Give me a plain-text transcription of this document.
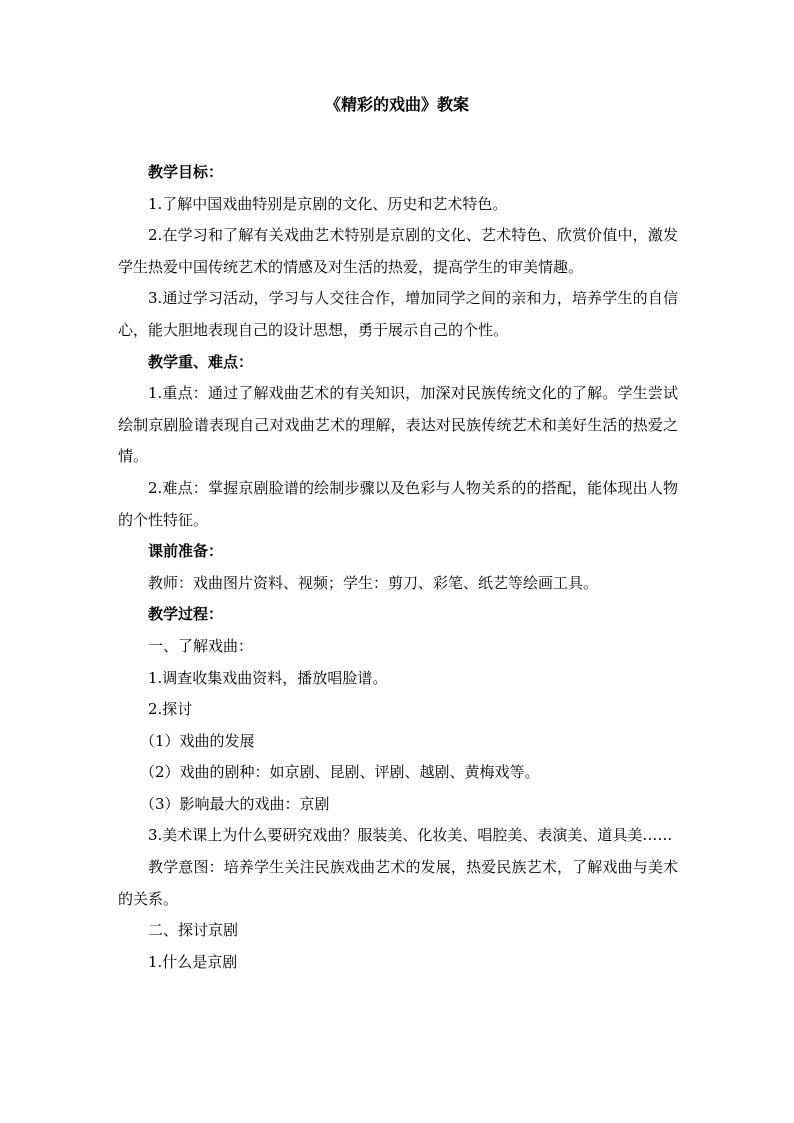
《精彩的戏曲》教案

教学目标：

1.了解中国戏曲特别是京剧的文化、历史和艺术特色。

2.在学习和了解有关戏曲艺术特别是京剧的文化、艺术特色、欣赏价值中，激发学生热爱中国传统艺术的情感及对生活的热爱，提高学生的审美情趣。

3.通过学习活动，学习与人交往合作，增加同学之间的亲和力，培养学生的自信心，能大胆地表现自己的设计思想，勇于展示自己的个性。

教学重、难点：

1.重点：通过了解戏曲艺术的有关知识，加深对民族传统文化的了解。学生尝试绘制京剧脸谱表现自己对戏曲艺术的理解，表达对民族传统艺术和美好生活的热爱之情。

2.难点：掌握京剧脸谱的绘制步骤以及色彩与人物关系的的搭配，能体现出人物的个性特征。

课前准备：

教师：戏曲图片资料、视频；学生：剪刀、彩笔、纸艺等绘画工具。

教学过程：

一、了解戏曲：

1.调查收集戏曲资料，播放唱脸谱。

2.探讨

（1）戏曲的发展

（2）戏曲的剧种：如京剧、昆剧、评剧、越剧、黄梅戏等。

（3）影响最大的戏曲：京剧

3.美术课上为什么要研究戏曲？服装美、化妆美、唱腔美、表演美、道具美……

教学意图：培养学生关注民族戏曲艺术的发展，热爱民族艺术，了解戏曲与美术的关系。

二、探讨京剧

1.什么是京剧
